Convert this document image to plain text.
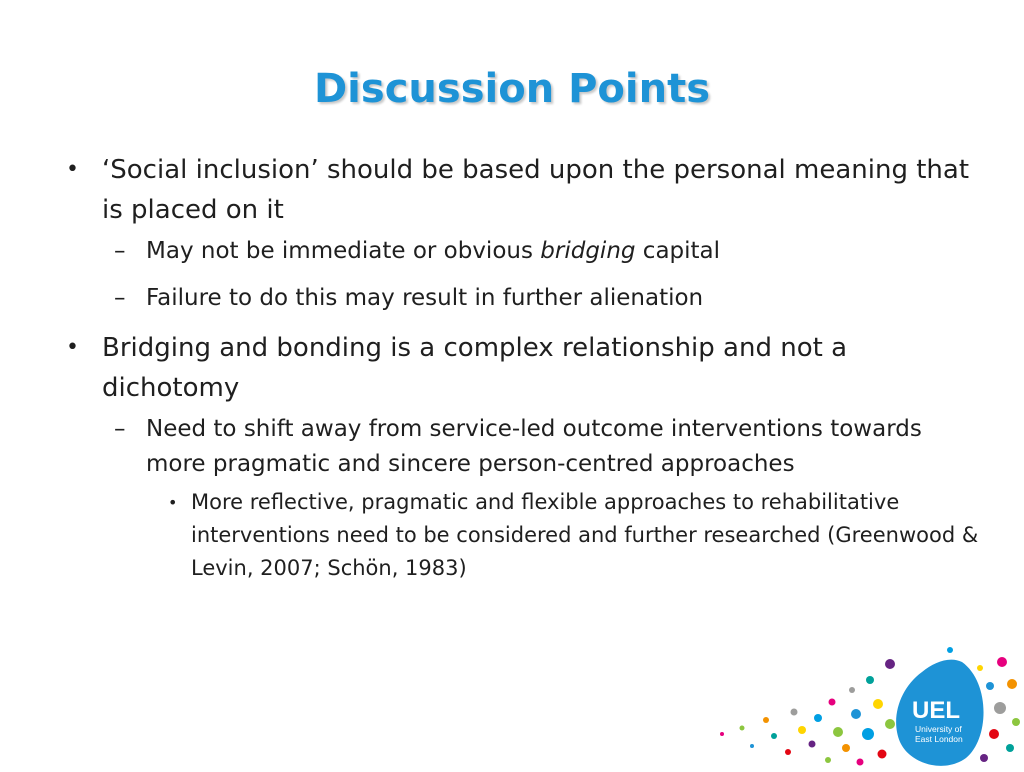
Discussion Points
• ‘Social inclusion’ should be based upon the personal meaning that is placed on it
– May not be immediate or obvious bridging capital
– Failure to do this may result in further alienation
• Bridging and bonding is a complex relationship and not a dichotomy
– Need to shift away from service-led outcome interventions towards more pragmatic and sincere person-centred approaches
• More reflective, pragmatic and flexible approaches to rehabilitative interventions need to be considered and further researched (Greenwood & Levin, 2007; Schön, 1983)
UEL
University of
East London
